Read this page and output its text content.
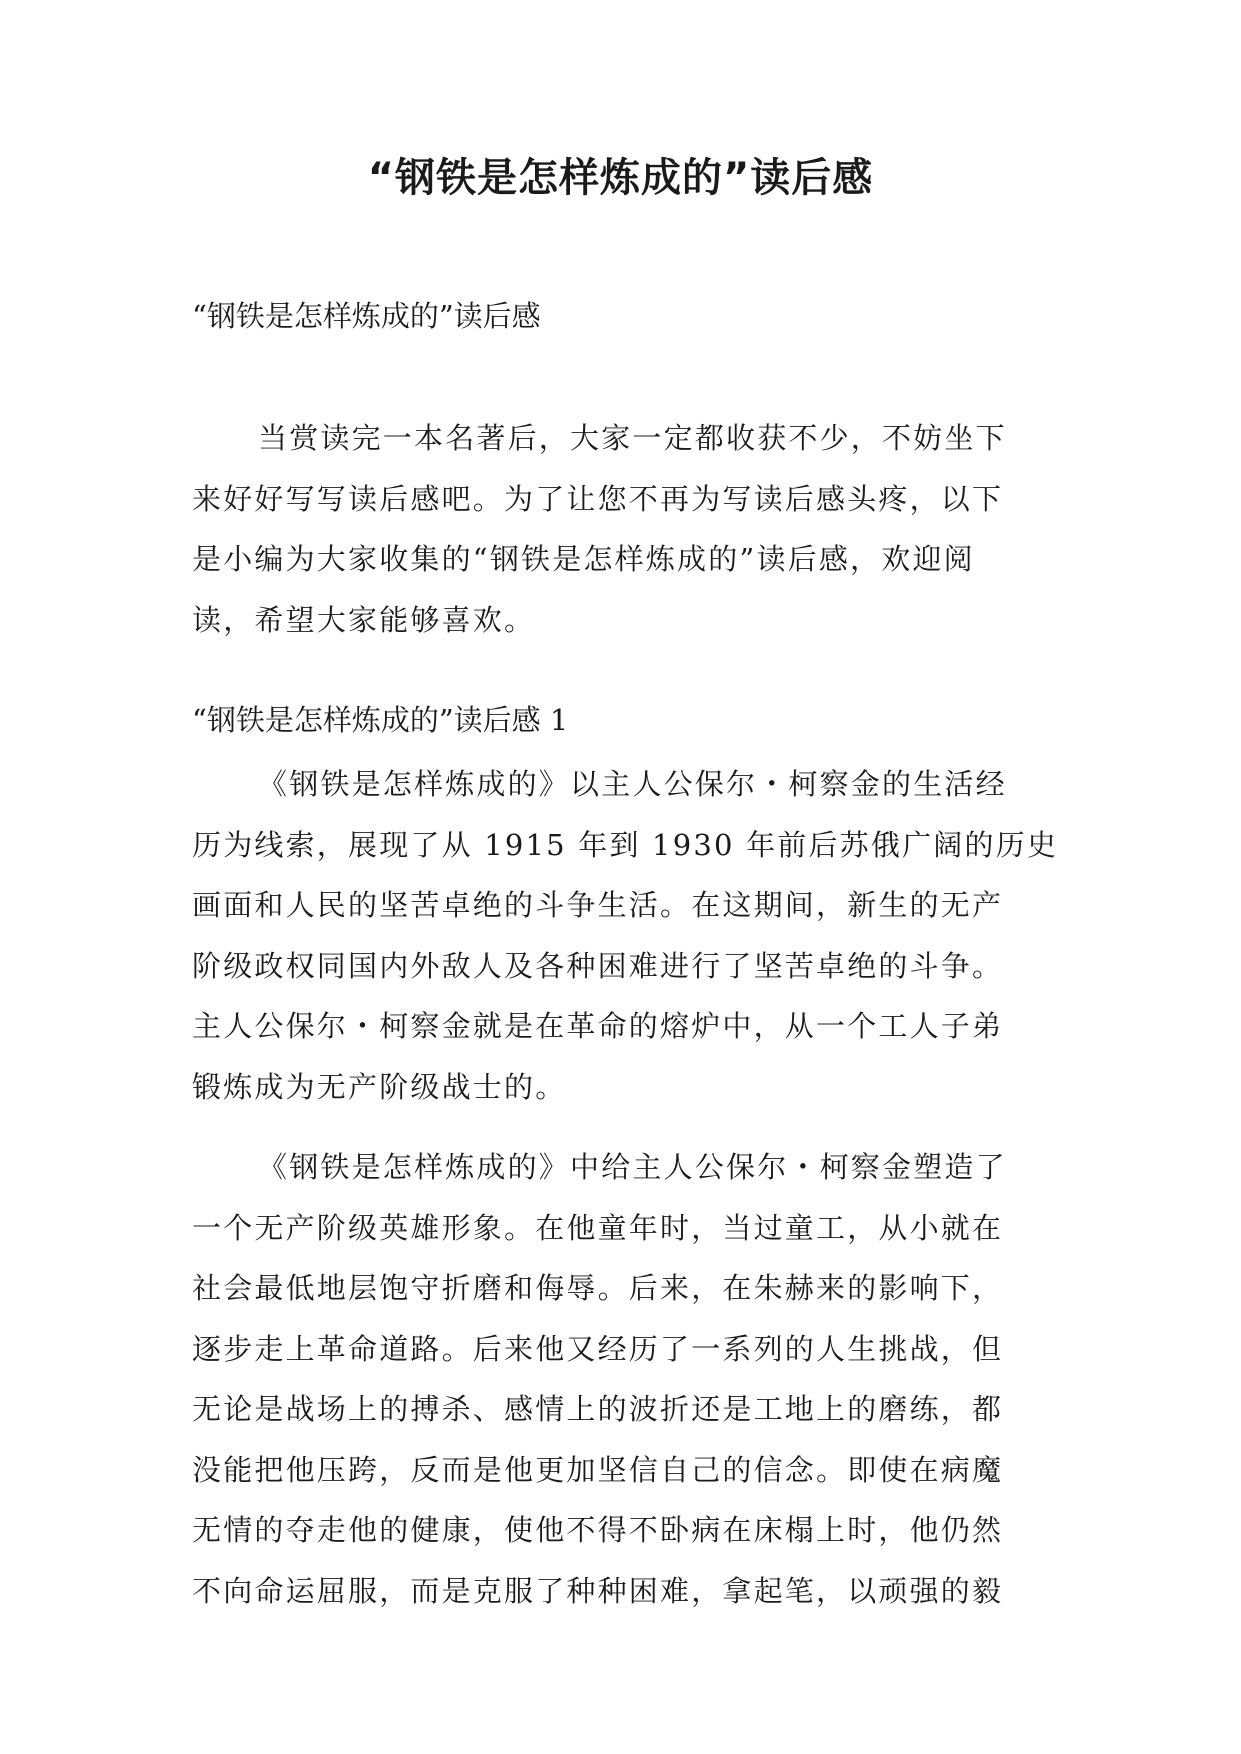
“钢铁是怎样炼成的”读后感

“钢铁是怎样炼成的”读后感

当赏读完一本名著后，大家一定都收获不少，不妨坐下
来好好写写读后感吧。为了让您不再为写读后感头疼，以下
是小编为大家收集的“钢铁是怎样炼成的”读后感，欢迎阅
读，希望大家能够喜欢。

“钢铁是怎样炼成的”读后感 1

《钢铁是怎样炼成的》以主人公保尔・柯察金的生活经
历为线索，展现了从 1915 年到 1930 年前后苏俄广阔的历史
画面和人民的坚苦卓绝的斗争生活。在这期间，新生的无产
阶级政权同国内外敌人及各种困难进行了坚苦卓绝的斗争。
主人公保尔・柯察金就是在革命的熔炉中，从一个工人子弟
锻炼成为无产阶级战士的。
《钢铁是怎样炼成的》中给主人公保尔・柯察金塑造了
一个无产阶级英雄形象。在他童年时，当过童工，从小就在
社会最低地层饱守折磨和侮辱。后来，在朱赫来的影响下，
逐步走上革命道路。后来他又经历了一系列的人生挑战，但
无论是战场上的搏杀、感情上的波折还是工地上的磨练，都
没能把他压跨，反而是他更加坚信自己的信念。即使在病魔
无情的夺走他的健康，使他不得不卧病在床榻上时，他仍然
不向命运屈服，而是克服了种种困难，拿起笔，以顽强的毅
